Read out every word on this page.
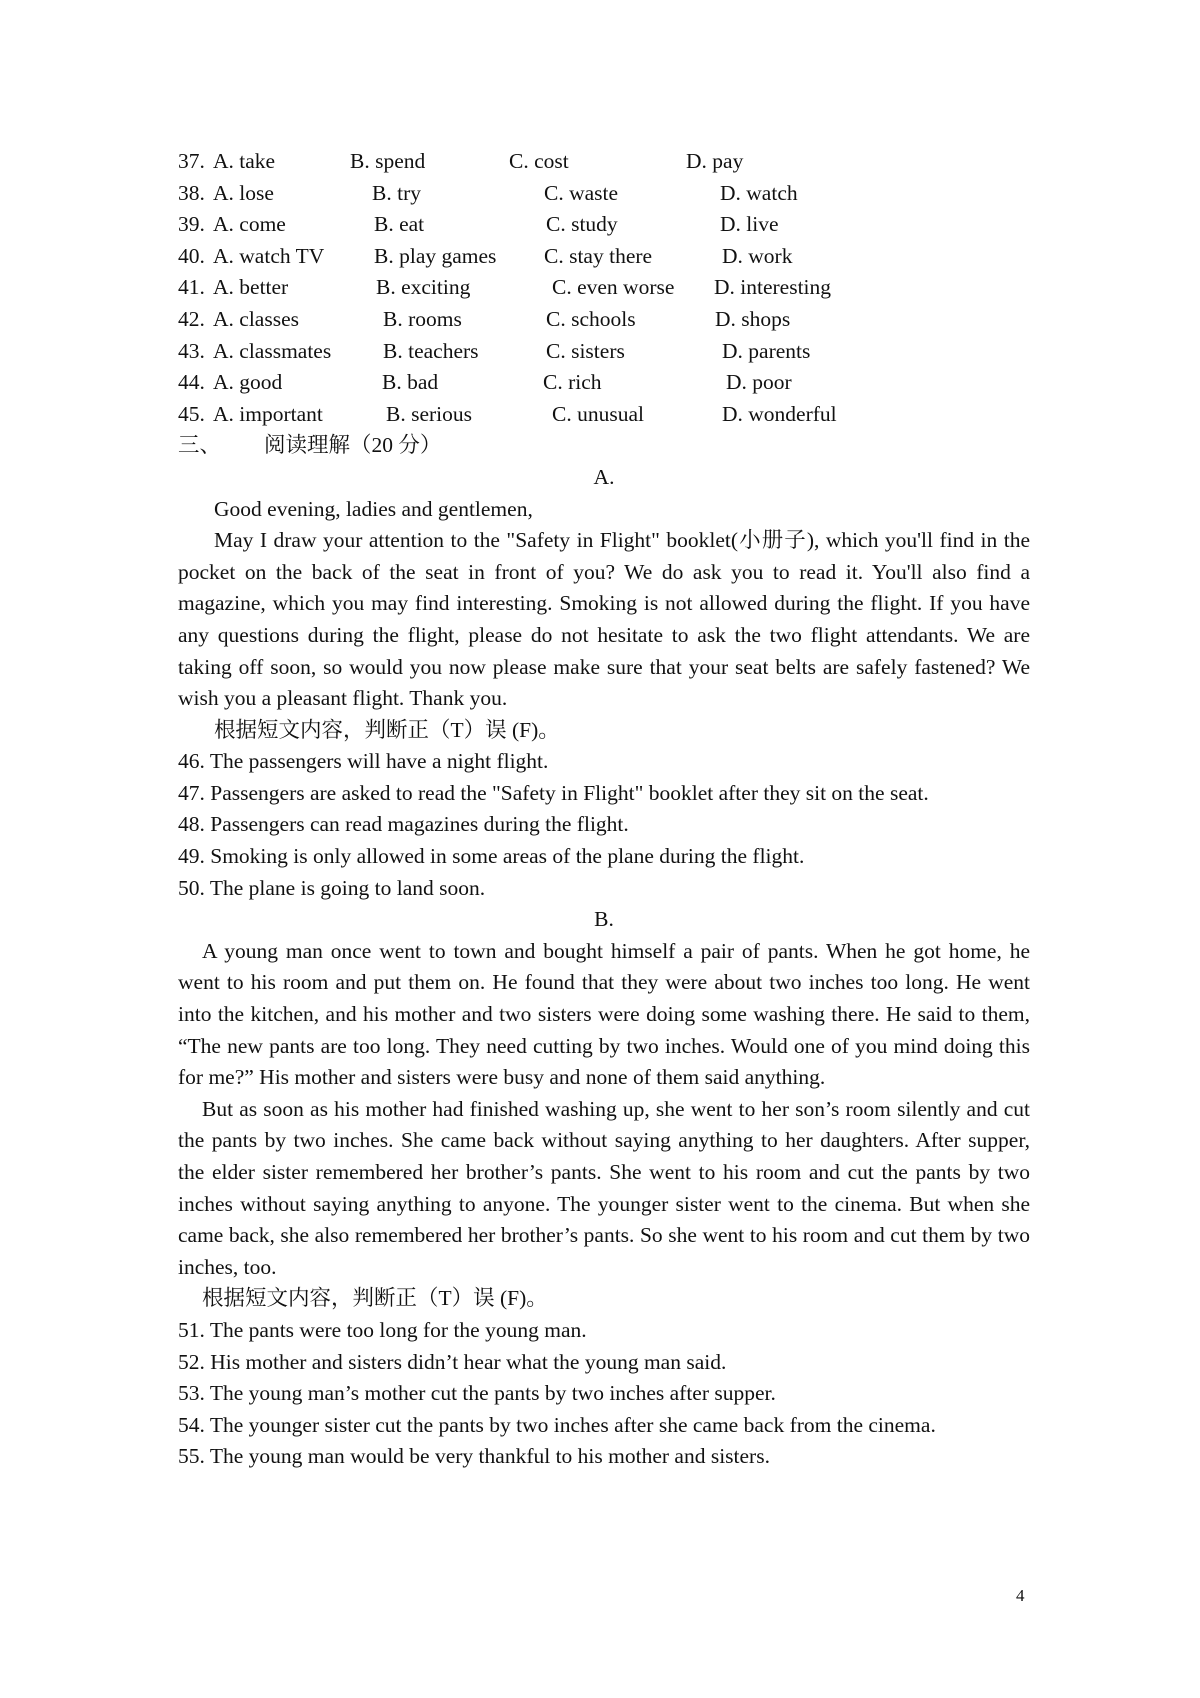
37. A. take	B. spend	C. cost	D. pay
38. A. lose	B. try	C. waste	D. watch
39. A. come	B. eat	C. study	D. live
40. A. watch TV B. play games C. stay there	D. work
41. A. better	B. exciting	C. even worse D. interesting
42. A. classes	B. rooms	C. schools	D. shops
43. A. classmates B. teachers	C. sisters	D. parents
44. A. good	B. bad	C. rich	D. poor
45. A. important	B. serious	C. unusual	D. wonderful
三、 阅读理解（20 分）
A.

Good evening, ladies and gentlemen,

May I draw your attention to the "Safety in Flight" booklet(小册子), which you'll find in the pocket on the back of the seat in front of you? We do ask you to read it. You'll also find a magazine, which you may find interesting. Smoking is not allowed during the flight. If you have any questions during the flight, please do not hesitate to ask the two flight attendants. We are taking off soon, so would you now please make sure that your seat belts are safely fastened? We wish you a pleasant flight. Thank you.

根据短文内容，判断正（T）误 (F)。

46. The passengers will have a night flight.

47. Passengers are asked to read the "Safety in Flight" booklet after they sit on the seat.

48. Passengers can read magazines during the flight.

49. Smoking is only allowed in some areas of the plane during the flight.

50. The plane is going to land soon.

B.

A young man once went to town and bought himself a pair of pants. When he got home, he went to his room and put them on. He found that they were about two inches too long. He went into the kitchen, and his mother and two sisters were doing some washing there. He said to them, “The new pants are too long. They need cutting by two inches. Would one of you mind doing this for me?” His mother and sisters were busy and none of them said anything.

But as soon as his mother had finished washing up, she went to her son’s room silently and cut the pants by two inches. She came back without saying anything to her daughters. After supper, the elder sister remembered her brother’s pants. She went to his room and cut the pants by two inches without saying anything to anyone. The younger sister went to the cinema. But when she came back, she also remembered her brother’s pants. So she went to his room and cut them by two inches, too.

根据短文内容，判断正（T）误 (F)。

51. The pants were too long for the young man.

52. His mother and sisters didn’t hear what the young man said.

53. The young man’s mother cut the pants by two inches after supper.

54. The younger sister cut the pants by two inches after she came back from the cinema.

55. The young man would be very thankful to his mother and sisters.

4
